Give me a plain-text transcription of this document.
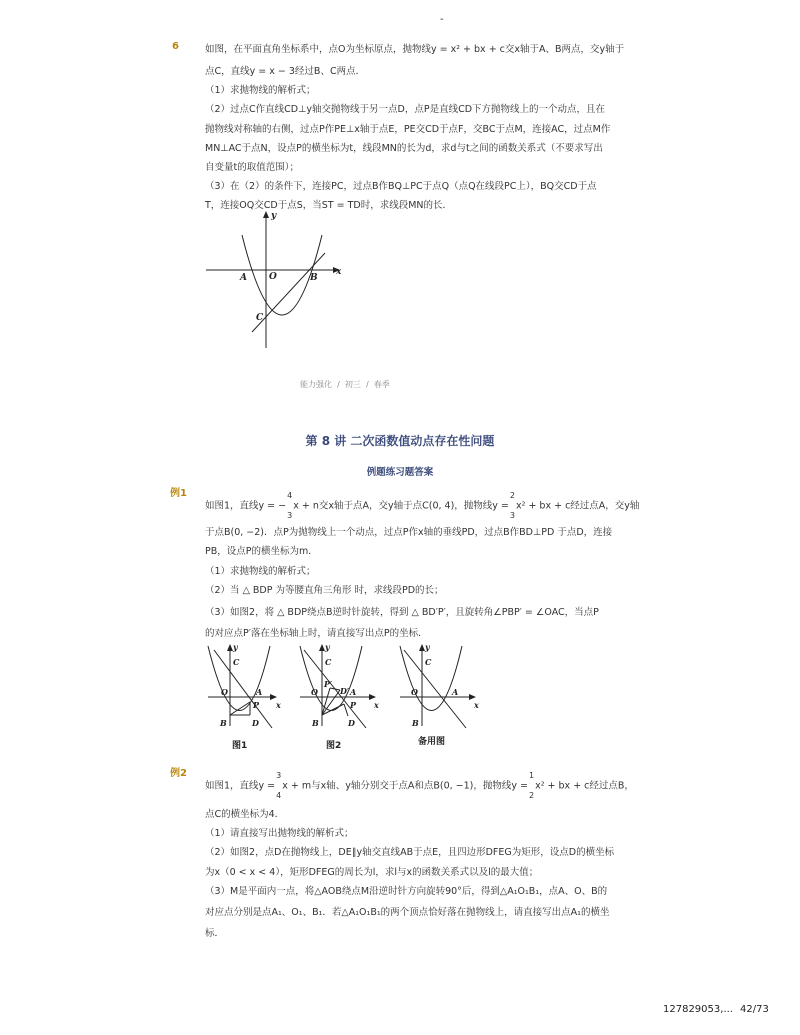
-
6	如图，在平面直角坐标系中，点O为坐标原点，抛物线y = x² + bx + c交x轴于A、B两点，交y轴于
点C，直线y = x − 3经过B、C两点．
（1）求抛物线的解析式；
（2）过点C作直线CD⊥y轴交抛物线于另一点D，点P是直线CD下方抛物线上的一个动点，且在
抛物线对称轴的右侧，过点P作PE⊥x轴于点E，PE交CD于点F，交BC于点M，连接AC，过点M作
MN⊥AC于点N，设点P的横坐标为t，线段MN的长为d，求d与t之间的函数关系式（不要求写出
自变量t的取值范围）；
（3）在（2）的条件下，连接PC，过点B作BQ⊥PC于点Q（点Q在线段PC上），BQ交CD于点
T，连接OQ交CD于点S，当ST = TD时，求线段MN的长．
y
x
A O	B
C
能力强化  /  初三  /  春季
第 8 讲 二次函数值动点存在性问题
例题练习题答案
例1
如图1，直线y = −
4
3
x + n交x轴于点A，交y轴于点C(0, 4)，抛物线y =
2
3
x² + bx + c经过点A，交y轴
于点B(0, −2)．点P为抛物线上一个动点，过点P作x轴的垂线PD，过点B作BD⊥PD 于点D，连接
PB，设点P的横坐标为m．
（1）求抛物线的解析式；
（2）当 △ BDP 为等腰直角三角形 时，求线段PD的长；
（3）如图2，将 △ BDP绕点B逆时针旋转，得到 △ BD′P′，且旋转角∠PBP′ = ∠OAC，当点P
的对应点P′落在坐标轴上时，请直接写出点P的坐标．
y
C
O	A
x
P
B	D
图1
y
C
P′
D′
O	A
x
P
B	D
图2
y
C
O	A
x
B
备用图
例2
如图1，直线y =
3
4
x + m与x轴、y轴分别交于点A和点B(0, −1)，抛物线y =
1
2
x² + bx + c经过点B，
点C的横坐标为4．
（1）请直接写出抛物线的解析式；
（2）如图2，点D在抛物线上，DE∥y轴交直线AB于点E，且四边形DFEG为矩形，设点D的横坐标
为x（0 < x < 4），矩形DFEG的周长为l，求l与x的函数关系式以及l的最大值；
（3）M是平面内一点，将△AOB绕点M沿逆时针方向旋转90°后，得到△A₁O₁B₁，点A、O、B的
对应点分别是点A₁、O₁、B₁．若△A₁O₁B₁的两个顶点恰好落在抛物线上，请直接写出点A₁的横坐
标．
127829053,... 42/73
